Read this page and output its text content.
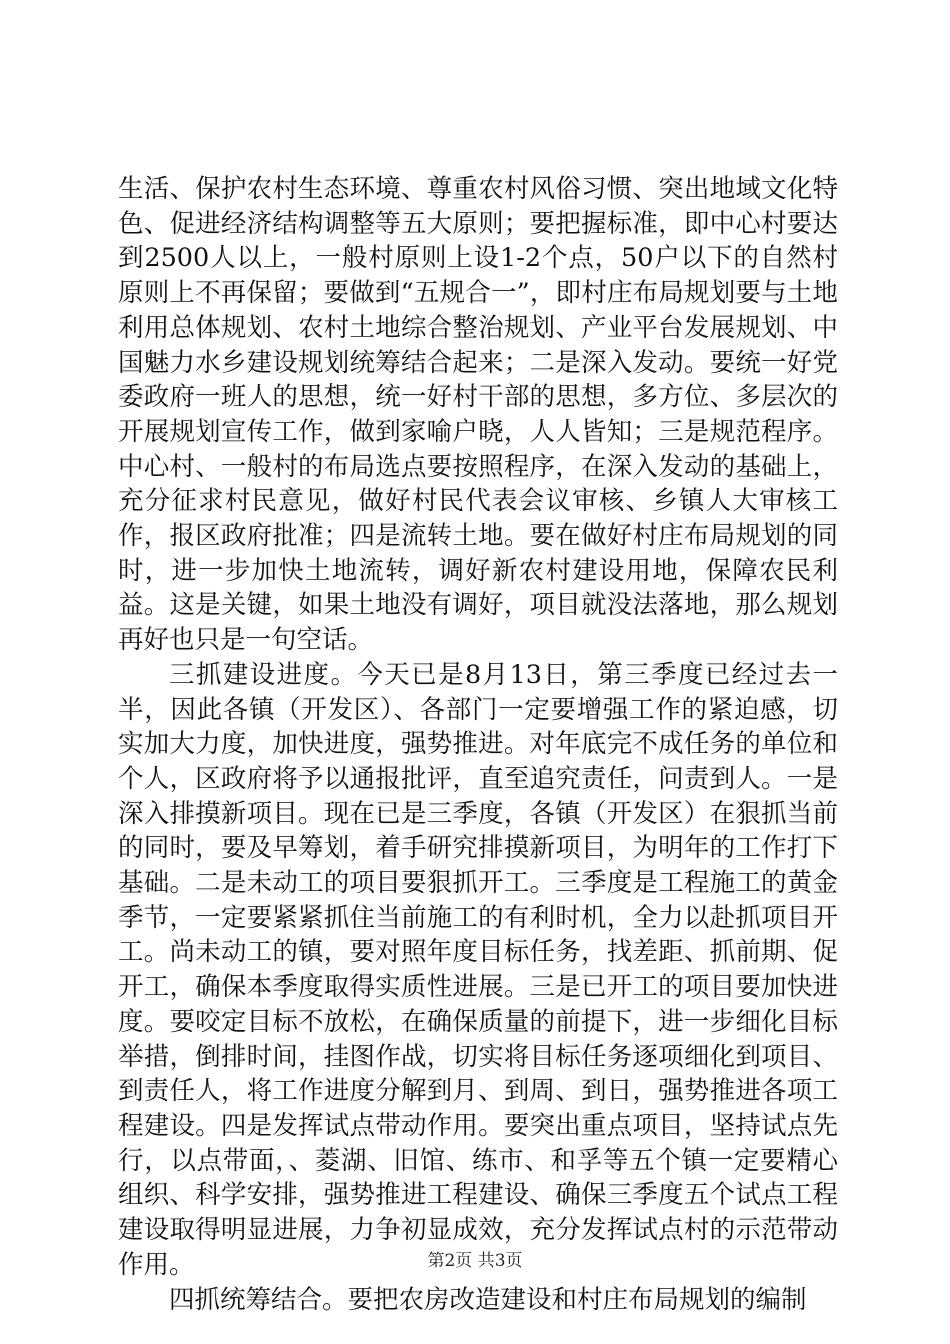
生活、保护农村生态环境、尊重农村风俗习惯、突出地域文化特色、促进经济结构调整等五大原则；要把握标准，即中心村要达到2500人以上，一般村原则上设1-2个点，50户以下的自然村原则上不再保留；要做到“五规合一”，即村庄布局规划要与土地利用总体规划、农村土地综合整治规划、产业平台发展规划、中国魅力水乡建设规划统筹结合起来；二是深入发动。要统一好党委政府一班人的思想，统一好村干部的思想，多方位、多层次的开展规划宣传工作，做到家喻户晓，人人皆知；三是规范程序。中心村、一般村的布局选点要按照程序，在深入发动的基础上，充分征求村民意见，做好村民代表会议审核、乡镇人大审核工作，报区政府批准；四是流转土地。要在做好村庄布局规划的同时，进一步加快土地流转，调好新农村建设用地，保障农民利益。这是关键，如果土地没有调好，项目就没法落地，那么规划再好也只是一句空话。

三抓建设进度。今天已是8月13日，第三季度已经过去一半，因此各镇（开发区）、各部门一定要增强工作的紧迫感，切实加大力度，加快进度，强势推进。对年底完不成任务的单位和个人，区政府将予以通报批评，直至追究责任，问责到人。一是深入排摸新项目。现在已是三季度，各镇（开发区）在狠抓当前的同时，要及早筹划，着手研究排摸新项目，为明年的工作打下基础。二是未动工的项目要狠抓开工。三季度是工程施工的黄金季节，一定要紧紧抓住当前施工的有利时机，全力以赴抓项目开工。尚未动工的镇，要对照年度目标任务，找差距、抓前期、促开工，确保本季度取得实质性进展。三是已开工的项目要加快进度。要咬定目标不放松，在确保质量的前提下，进一步细化目标举措，倒排时间，挂图作战，切实将目标任务逐项细化到项目、到责任人，将工作进度分解到月、到周、到日，强势推进各项工程建设。四是发挥试点带动作用。要突出重点项目，坚持试点先行，以点带面，、菱湖、旧馆、练市、和孚等五个镇一定要精心组织、科学安排，强势推进工程建设、确保三季度五个试点工程建设取得明显进展，力争初显成效，充分发挥试点村的示范带动作用。

四抓统筹结合。要把农房改造建设和村庄布局规划的编制

第2页 共3页
